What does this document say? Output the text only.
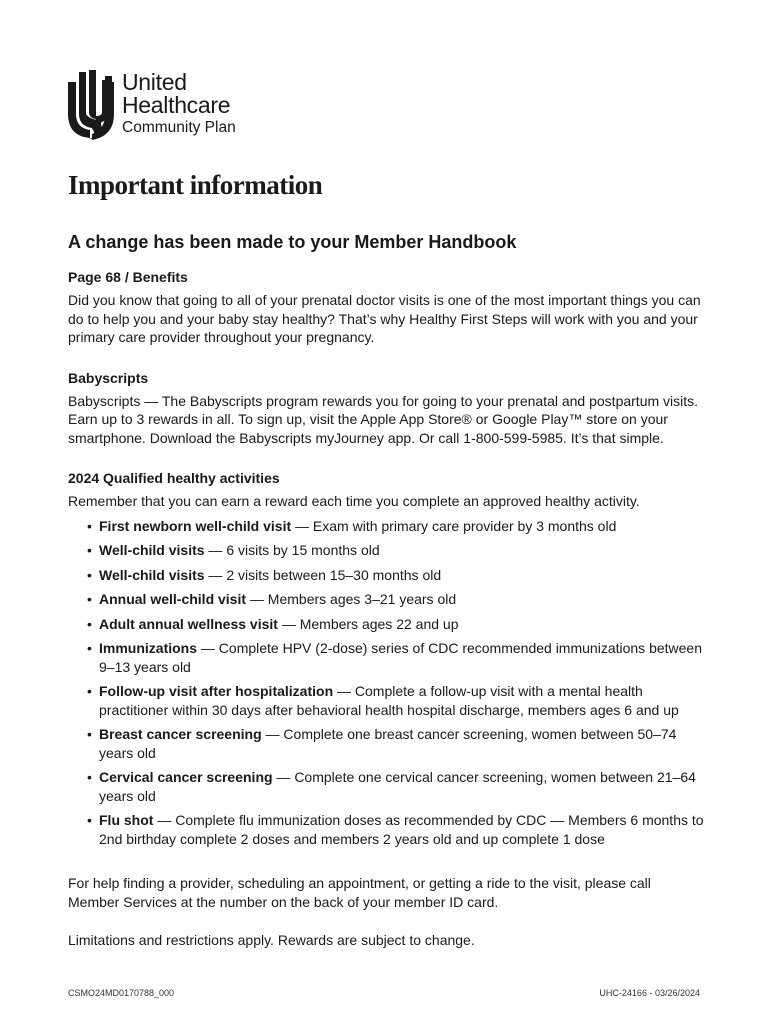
United
Healthcare
Community Plan
Important information
A change has been made to your Member Handbook
Page 68 / Benefits

Did you know that going to all of your prenatal doctor visits is one of the most important things you can do to help you and your baby stay healthy? That’s why Healthy First Steps will work with you and your primary care provider throughout your pregnancy.

Babyscripts

Babyscripts — The Babyscripts program rewards you for going to your prenatal and postpartum visits. Earn up to 3 rewards in all. To sign up, visit the Apple App Store® or Google Play™ store on your smartphone. Download the Babyscripts myJourney app. Or call 1-800-599-5985. It’s that simple.

2024 Qualified healthy activities

Remember that you can earn a reward each time you complete an approved healthy activity.

• First newborn well-child visit — Exam with primary care provider by 3 months old
• Well-child visits — 6 visits by 15 months old
• Well-child visits — 2 visits between 15–30 months old
• Annual well-child visit — Members ages 3–21 years old
• Adult annual wellness visit — Members ages 22 and up
• Immunizations — Complete HPV (2-dose) series of CDC recommended immunizations between 9–13 years old
• Follow-up visit after hospitalization — Complete a follow-up visit with a mental health practitioner within 30 days after behavioral health hospital discharge, members ages 6 and up
• Breast cancer screening — Complete one breast cancer screening, women between 50–74 years old
• Cervical cancer screening — Complete one cervical cancer screening, women between 21–64 years old
• Flu shot — Complete flu immunization doses as recommended by CDC — Members 6 months to 2nd birthday complete 2 doses and members 2 years old and up complete 1 dose

For help finding a provider, scheduling an appointment, or getting a ride to the visit, please call Member Services at the number on the back of your member ID card.

Limitations and restrictions apply. Rewards are subject to change.

CSMO24MD0170788_000	UHC-24166 - 03/26/2024
